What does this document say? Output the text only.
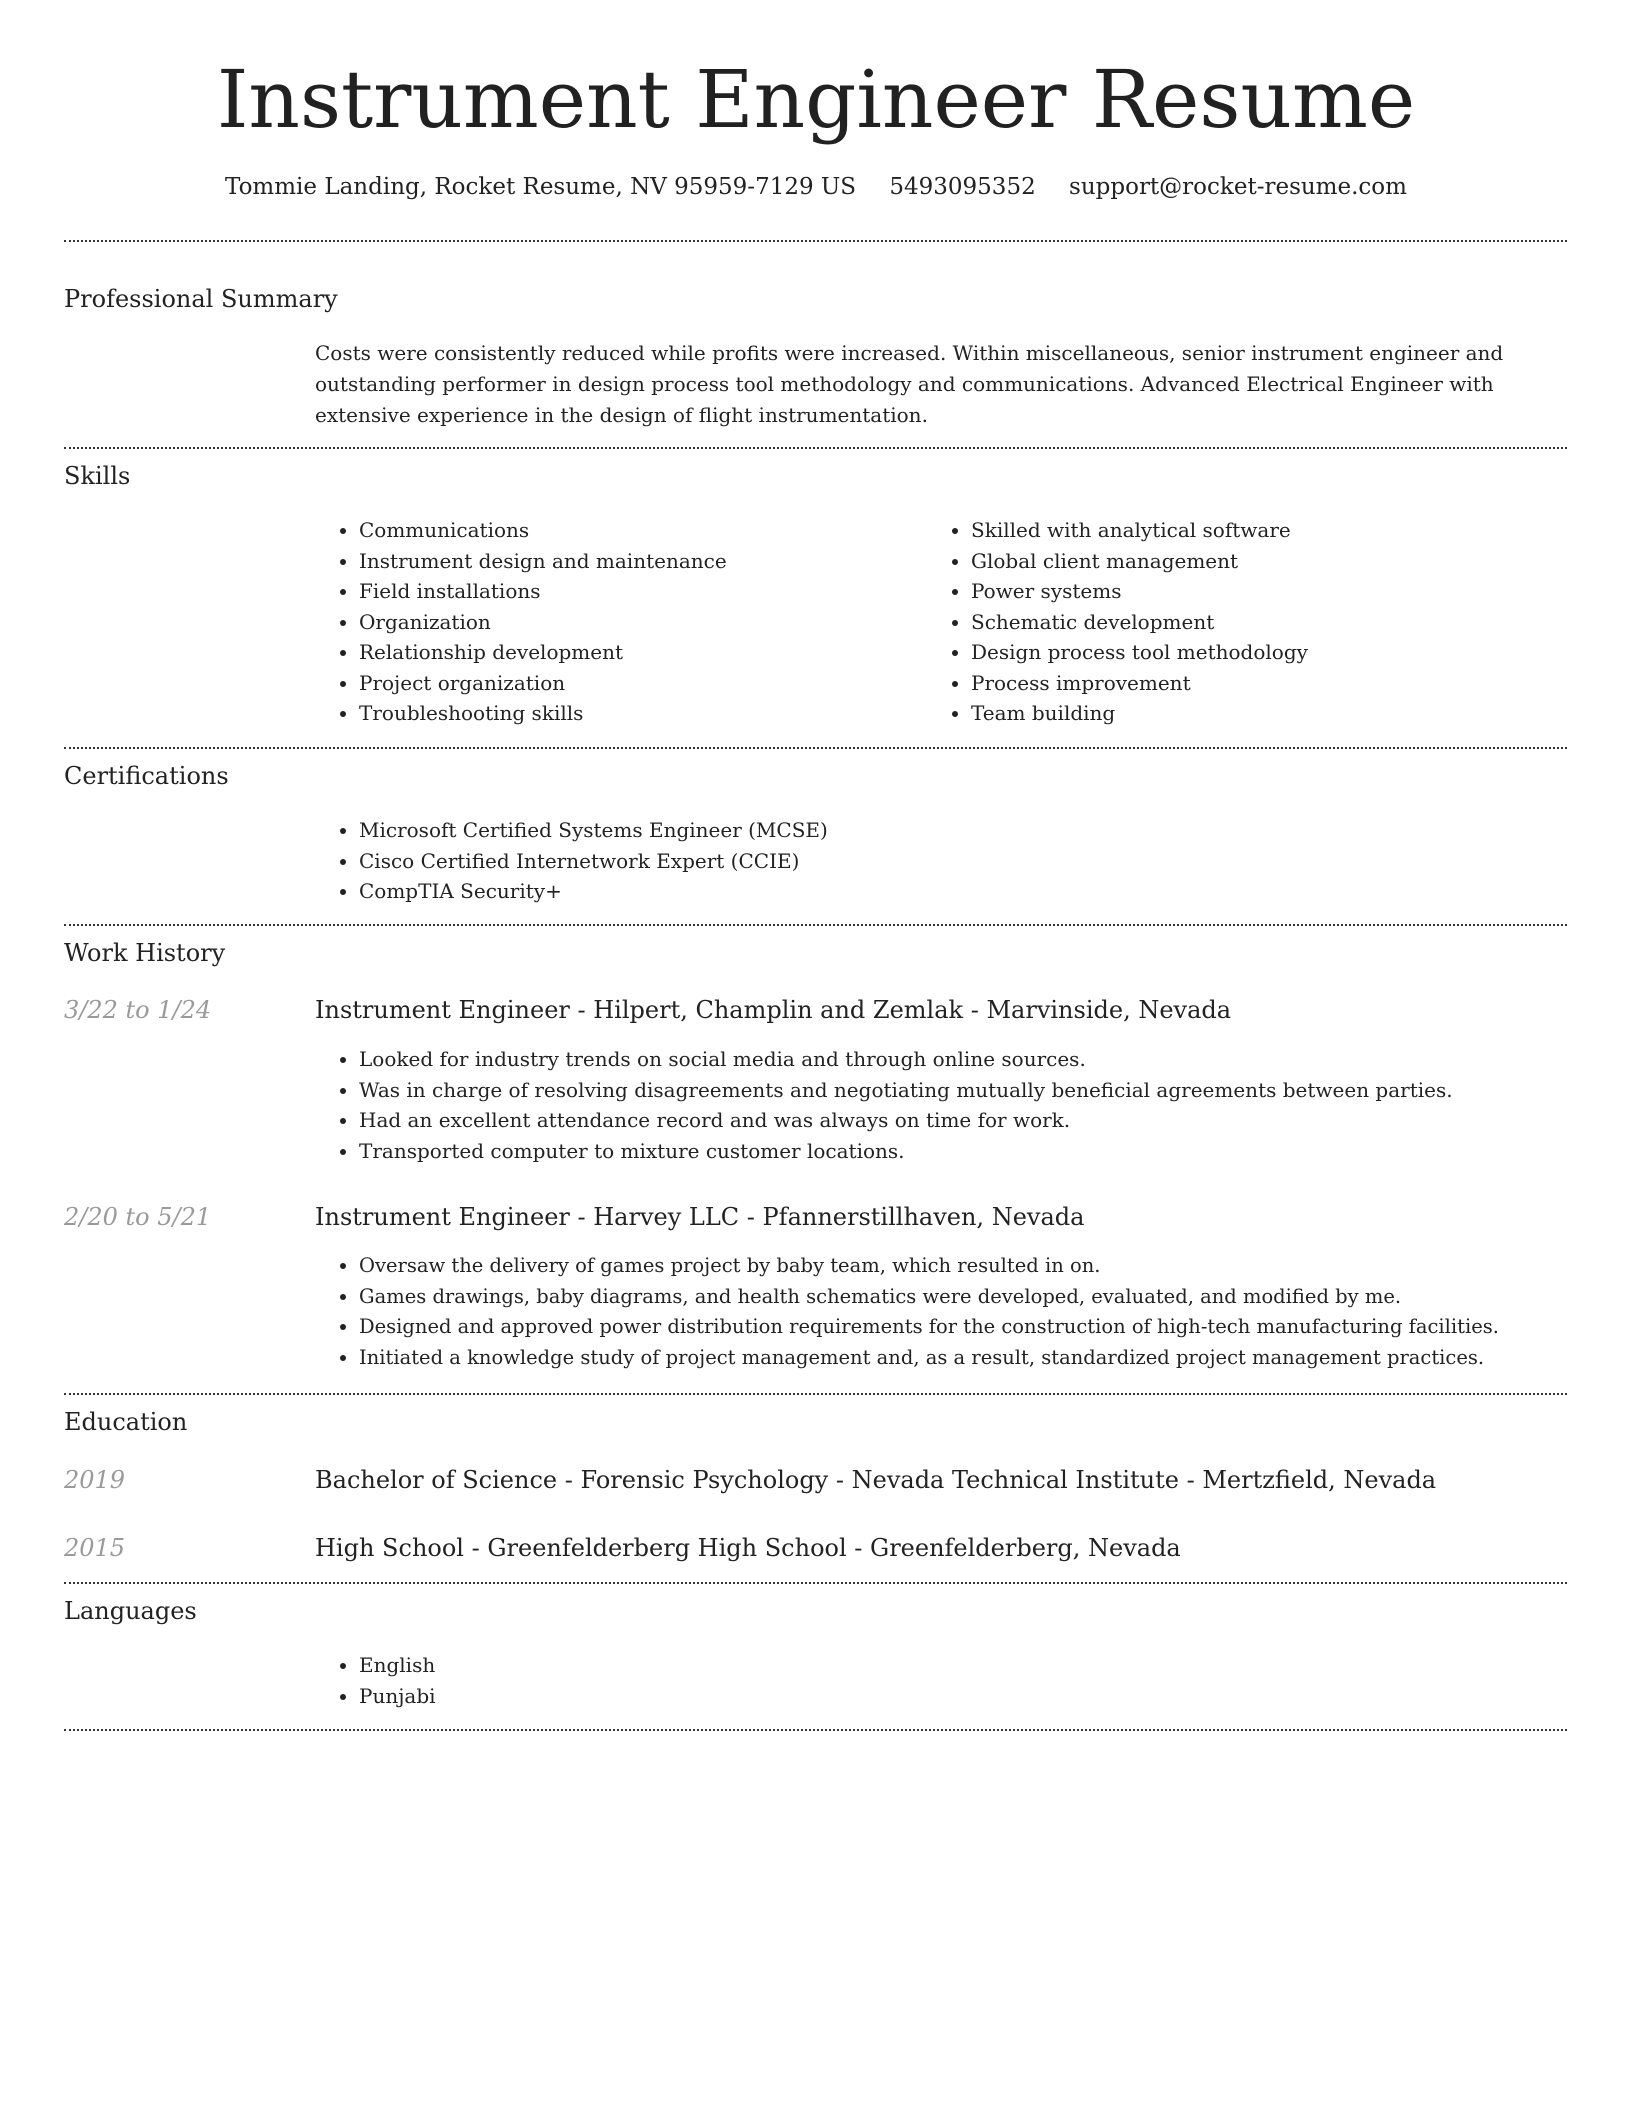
Instrument Engineer Resume
Tommie Landing, Rocket Resume, NV 95959-7129 US 5493095352 support@rocket-resume.com
Professional Summary
Costs were consistently reduced while profits were increased. Within miscellaneous, senior instrument engineer and outstanding performer in design process tool methodology and communications. Advanced Electrical Engineer with extensive experience in the design of flight instrumentation.
Skills
• Communications
• Instrument design and maintenance
• Field installations
• Organization
• Relationship development
• Project organization
• Troubleshooting skills
• Skilled with analytical software
• Global client management
• Power systems
• Schematic development
• Design process tool methodology
• Process improvement
• Team building
Certifications
• Microsoft Certified Systems Engineer (MCSE)
• Cisco Certified Internetwork Expert (CCIE)
• CompTIA Security+
Work History
3/22 to 1/24	Instrument Engineer - Hilpert, Champlin and Zemlak - Marvinside, Nevada
• Looked for industry trends on social media and through online sources.
• Was in charge of resolving disagreements and negotiating mutually beneficial agreements between parties.
• Had an excellent attendance record and was always on time for work.
• Transported computer to mixture customer locations.
2/20 to 5/21	Instrument Engineer - Harvey LLC - Pfannerstillhaven, Nevada
• Oversaw the delivery of games project by baby team, which resulted in on.
• Games drawings, baby diagrams, and health schematics were developed, evaluated, and modified by me.
• Designed and approved power distribution requirements for the construction of high-tech manufacturing facilities.
• Initiated a knowledge study of project management and, as a result, standardized project management practices.
Education
2019	Bachelor of Science - Forensic Psychology - Nevada Technical Institute - Mertzfield, Nevada
2015	High School - Greenfelderberg High School - Greenfelderberg, Nevada
Languages
• English
• Punjabi
